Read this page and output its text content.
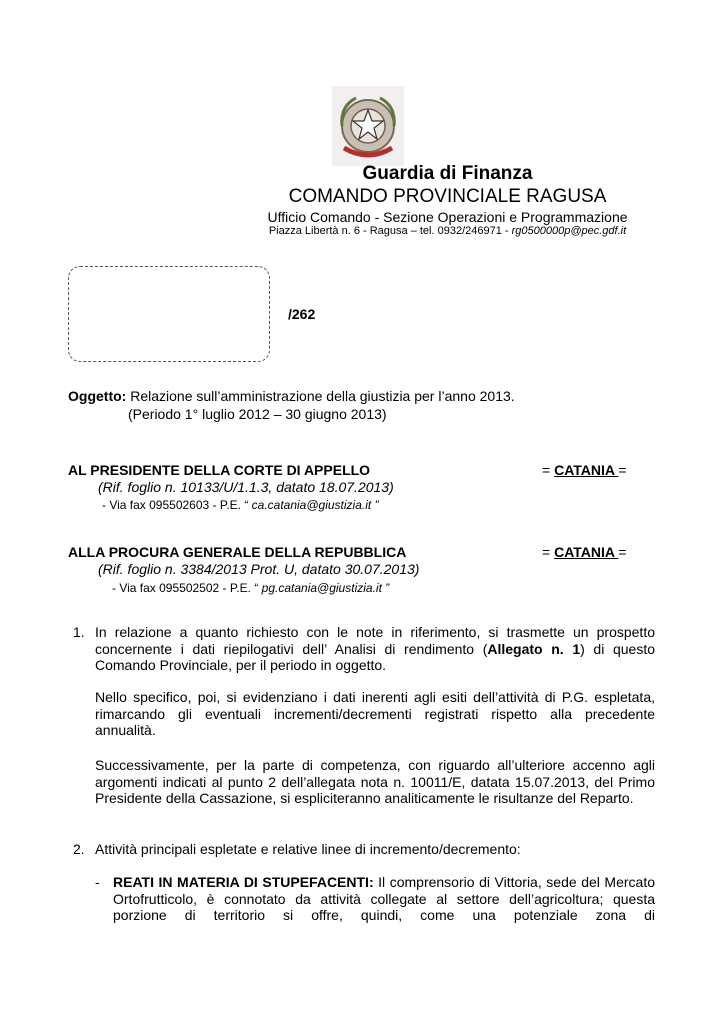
Guardia di Finanza
COMANDO PROVINCIALE RAGUSA
Ufficio Comando - Sezione Operazioni e Programmazione
Piazza Libertà n. 6 - Ragusa – tel. 0932/246971 - rg0500000p@pec.gdf.it
/262
Oggetto: Relazione sull’amministrazione della giustizia per l’anno 2013.
(Periodo 1° luglio 2012 – 30 giugno 2013)
AL PRESIDENTE DELLA CORTE DI APPELLO	= CATANIA =
(Rif. foglio n. 10133/U/1.1.3, datato 18.07.2013)
- Via fax 095502603 - P.E. “ ca.catania@giustizia.it ”
ALLA PROCURA GENERALE DELLA REPUBBLICA	= CATANIA =
(Rif. foglio n. 3384/2013 Prot. U, datato 30.07.2013)
- Via fax 095502502 - P.E. “ pg.catania@giustizia.it ”
1. In relazione a quanto richiesto con le note in riferimento, si trasmette un prospetto concernente i dati riepilogativi dell’ Analisi di rendimento (Allegato n. 1) di questo Comando Provinciale, per il periodo in oggetto.
Nello specifico, poi, si evidenziano i dati inerenti agli esiti dell’attività di P.G. espletata, rimarcando gli eventuali incrementi/decrementi registrati rispetto alla precedente annualità.
Successivamente, per la parte di competenza, con riguardo all’ulteriore accenno agli argomenti indicati al punto 2 dell’allegata nota n. 10011/E, datata 15.07.2013, del Primo Presidente della Cassazione, si espliciteranno analiticamente le risultanze del Reparto.
2. Attività principali espletate e relative linee di incremento/decremento:
- REATI IN MATERIA DI STUPEFACENTI: Il comprensorio di Vittoria, sede del Mercato Ortofrutticolo, è connotato da attività collegate al settore dell’agricoltura; questa porzione di territorio si offre, quindi, come una potenziale zona di
